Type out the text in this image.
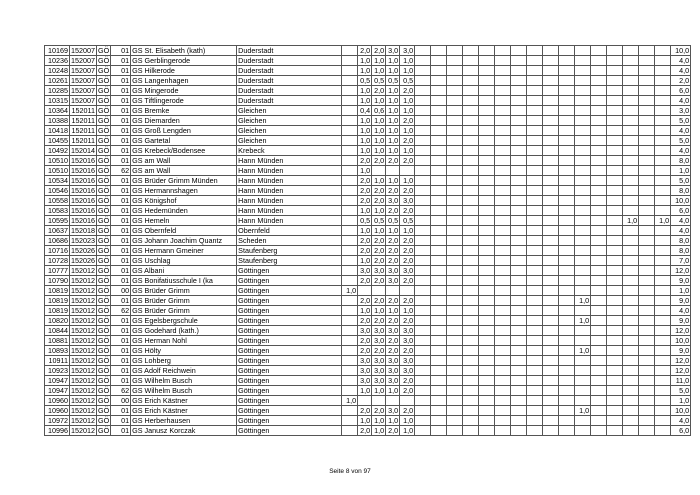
10169	152007	GÖ	01	GS St. Elisabeth (kath)	Duderstadt		2,0	2,0	3,0	3,0																	10,0
10236	152007	GÖ	01	GS Gerblingerode	Duderstadt		1,0	1,0	1,0	1,0																	4,0
10248	152007	GÖ	01	GS Hilkerode	Duderstadt		1,0	1,0	1,0	1,0																	4,0
10261	152007	GÖ	01	GS Langenhagen	Duderstadt		0,5	0,5	0,5	0,5																	2,0
10285	152007	GÖ	01	GS Mingerode	Duderstadt		1,0	2,0	1,0	2,0																	6,0
10315	152007	GÖ	01	GS Tiftlingerode	Duderstadt		1,0	1,0	1,0	1,0																	4,0
10364	152011	GÖ	01	GS Bremke	Gleichen		0,4	0,6	1,0	1,0																	3,0
10388	152011	GÖ	01	GS Diemarden	Gleichen		1,0	1,0	1,0	2,0																	5,0
10418	152011	GÖ	01	GS Groß Lengden	Gleichen		1,0	1,0	1,0	1,0																	4,0
10455	152011	GÖ	01	GS Gartetal	Gleichen		1,0	1,0	1,0	2,0																	5,0
10492	152014	GÖ	01	GS Krebeck/Bodensee	Krebeck		1,0	1,0	1,0	1,0																	4,0
10510	152016	GÖ	01	GS am Wall	Hann Münden		2,0	2,0	2,0	2,0																	8,0
10510	152016	GÖ	62	GS am Wall	Hann Münden		1,0																				1,0
10534	152016	GÖ	01	GS Brüder Grimm Münden	Hann Münden		2,0	1,0	1,0	1,0																	5,0
10546	152016	GÖ	01	GS Hermannshagen	Hann Münden		2,0	2,0	2,0	2,0																	8,0
10558	152016	GÖ	01	GS Königshof	Hann Münden		2,0	2,0	3,0	3,0																	10,0
10583	152016	GÖ	01	GS Hedemünden	Hann Münden		1,0	1,0	2,0	2,0																	6,0
10595	152016	GÖ	01	GS Hemeln	Hann Münden		0,5	0,5	0,5	0,5														1,0		1,0	4,0
10637	152018	GÖ	01	GS Obernfeld	Obernfeld		1,0	1,0	1,0	1,0																	4,0
10686	152023	GÖ	01	GS Johann Joachim Quantz	Scheden		2,0	2,0	2,0	2,0																	8,0
10716	152026	GÖ	01	GS Hermann Gmeiner	Staufenberg		2,0	2,0	2,0	2,0																	8,0
10728	152026	GÖ	01	GS Uschlag	Staufenberg		1,0	2,0	2,0	2,0																	7,0
10777	152012	GÖ	01	GS Albani	Göttingen		3,0	3,0	3,0	3,0																	12,0
10790	152012	GÖ	01	GS Bonifatiusschule I (ka	Göttingen		2,0	2,0	3,0	2,0																	9,0
10819	152012	GÖ	00	GS Brüder Grimm	Göttingen	1,0																					1,0
10819	152012	GÖ	01	GS Brüder Grimm	Göttingen		2,0	2,0	2,0	2,0											1,0						9,0
10819	152012	GÖ	62	GS Brüder Grimm	Göttingen		1,0	1,0	1,0	1,0																	4,0
10820	152012	GÖ	01	GS Egelsbergschule	Göttingen		2,0	2,0	2,0	2,0											1,0						9,0
10844	152012	GÖ	01	GS Godehard (kath.)	Göttingen		3,0	3,0	3,0	3,0																	12,0
10881	152012	GÖ	01	GS Herman Nohl	Göttingen		2,0	3,0	2,0	3,0																	10,0
10893	152012	GÖ	01	GS Hölty	Göttingen		2,0	2,0	2,0	2,0											1,0						9,0
10911	152012	GÖ	01	GS Lohberg	Göttingen		3,0	3,0	3,0	3,0																	12,0
10923	152012	GÖ	01	GS Adolf Reichwein	Göttingen		3,0	3,0	3,0	3,0																	12,0
10947	152012	GÖ	01	GS Wilhelm Busch	Göttingen		3,0	3,0	3,0	2,0																	11,0
10947	152012	GÖ	62	GS Wilhelm Busch	Göttingen		1,0	1,0	1,0	2,0																	5,0
10960	152012	GÖ	00	GS Erich Kästner	Göttingen	1,0																					1,0
10960	152012	GÖ	01	GS Erich Kästner	Göttingen		2,0	2,0	3,0	2,0											1,0						10,0
10972	152012	GÖ	01	GS Herberhausen	Göttingen		1,0	1,0	1,0	1,0																	4,0
10996	152012	GÖ	01	GS Janusz Korczak	Göttingen		2,0	1,0	2,0	1,0																	6,0
Seite 8 von 97
